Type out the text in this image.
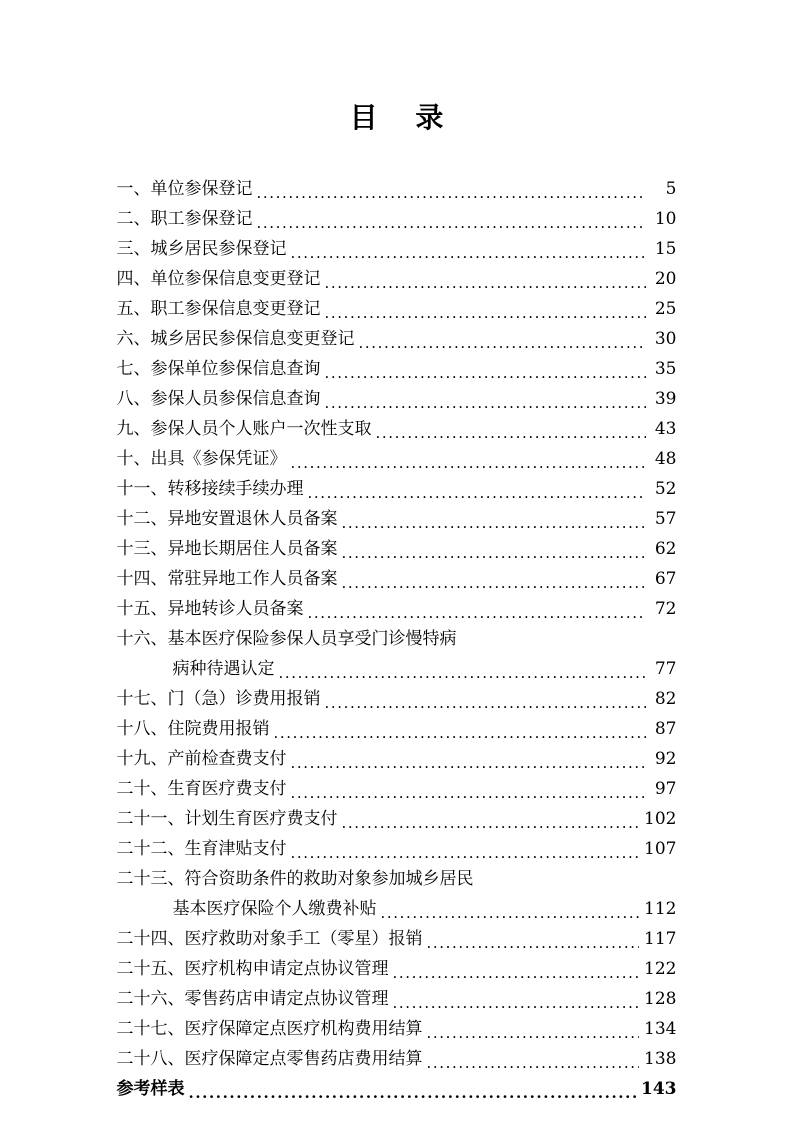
目 录
一、单位参保登记 .....	5
二、职工参保登记 .....	10
三、城乡居民参保登记 .....	15
四、单位参保信息变更登记 .....	20
五、职工参保信息变更登记 .....	25
六、城乡居民参保信息变更登记 .....	30
七、参保单位参保信息查询 .....	35
八、参保人员参保信息查询 .....	39
九、参保人员个人账户一次性支取 .....	43
十、出具《参保凭证》 .....	48
十一、转移接续手续办理 .....	52
十二、异地安置退休人员备案 .....	57
十三、异地长期居住人员备案 .....	62
十四、常驻异地工作人员备案 .....	67
十五、异地转诊人员备案 .....	72
十六、基本医疗保险参保人员享受门诊慢特病
病种待遇认定 .....	77
十七、门（急）诊费用报销 .....	82
十八、住院费用报销 .....	87
十九、产前检查费支付 .....	92
二十、生育医疗费支付 .....	97
二十一、计划生育医疗费支付 .....	102
二十二、生育津贴支付 .....	107
二十三、符合资助条件的救助对象参加城乡居民
基本医疗保险个人缴费补贴 .....	112
二十四、医疗救助对象手工（零星）报销 .....	117
二十五、医疗机构申请定点协议管理 .....	122
二十六、零售药店申请定点协议管理 .....	128
二十七、医疗保障定点医疗机构费用结算 .....	134
二十八、医疗保障定点零售药店费用结算 .....	138
参考样表 .....	143
